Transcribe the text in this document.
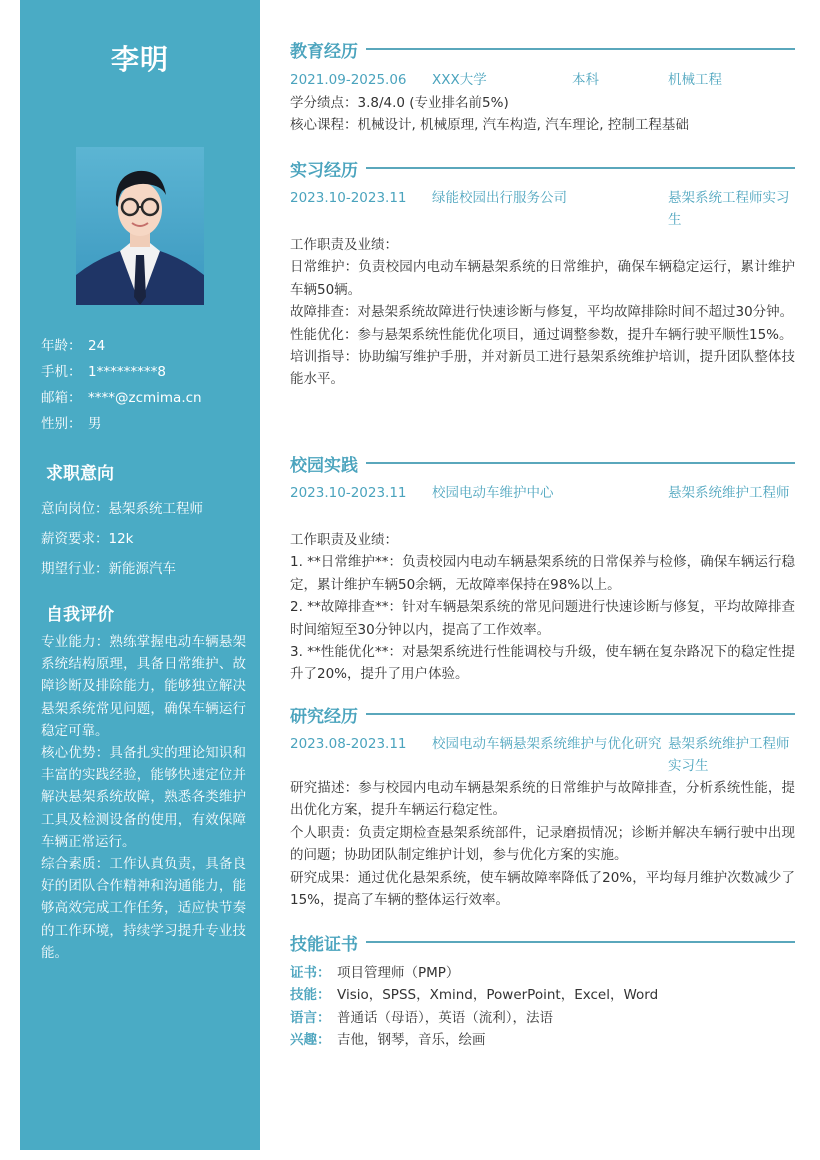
李明
年龄： 24
手机： 1*********8
邮箱： ****@zcmima.cn
性别： 男
求职意向
意向岗位：悬架系统工程师
薪资要求：12k
期望行业：新能源汽车
自我评价

专业能力：熟练掌握电动车辆悬架系统结构原理，具备日常维护、故障诊断及排除能力，能够独立解决悬架系统常见问题，确保车辆运行稳定可靠。

核心优势：具备扎实的理论知识和丰富的实践经验，能够快速定位并解决悬架系统故障，熟悉各类维护工具及检测设备的使用，有效保障车辆正常运行。

综合素质：工作认真负责，具备良好的团队合作精神和沟通能力，能够高效完成工作任务，适应快节奏的工作环境，持续学习提升专业技能。

教育经历
2021.09-2025.06 XXX大学	本科	机械工程

学分绩点：3.8/4.0 (专业排名前5%)

核心课程：机械设计, 机械原理, 汽车构造, 汽车理论, 控制工程基础

实习经历
2023.10-2023.11 绿能校园出行服务公司	悬架系统工程师实习生

工作职责及业绩：

日常维护：负责校园内电动车辆悬架系统的日常维护，确保车辆稳定运行，累计维护车辆50辆。

故障排查：对悬架系统故障进行快速诊断与修复，平均故障排除时间不超过30分钟。

性能优化：参与悬架系统性能优化项目，通过调整参数，提升车辆行驶平顺性15%。

培训指导：协助编写维护手册，并对新员工进行悬架系统维护培训，提升团队整体技能水平。

校园实践
2023.10-2023.11 校园电动车维护中心	悬架系统维护工程师

工作职责及业绩：

1. **日常维护**：负责校园内电动车辆悬架系统的日常保养与检修，确保车辆运行稳定，累计维护车辆50余辆，无故障率保持在98%以上。

2. **故障排查**：针对车辆悬架系统的常见问题进行快速诊断与修复，平均故障排查时间缩短至30分钟以内，提高了工作效率。

3. **性能优化**：对悬架系统进行性能调校与升级，使车辆在复杂路况下的稳定性提升了20%，提升了用户体验。

研究经历
2023.08-2023.11 校园电动车辆悬架系统维护与优化研究 悬架系统维护工程师实习生

研究描述：参与校园内电动车辆悬架系统的日常维护与故障排查，分析系统性能，提出优化方案，提升车辆运行稳定性。

个人职责：负责定期检查悬架系统部件，记录磨损情况；诊断并解决车辆行驶中出现的问题；协助团队制定维护计划，参与优化方案的实施。

研究成果：通过优化悬架系统，使车辆故障率降低了20%，平均每月维护次数减少了15%，提高了车辆的整体运行效率。

技能证书
证书： 项目管理师（PMP）
技能： Visio，SPSS，Xmind，PowerPoint，Excel，Word
语言： 普通话（母语），英语（流利），法语
兴趣： 吉他，钢琴，音乐，绘画
